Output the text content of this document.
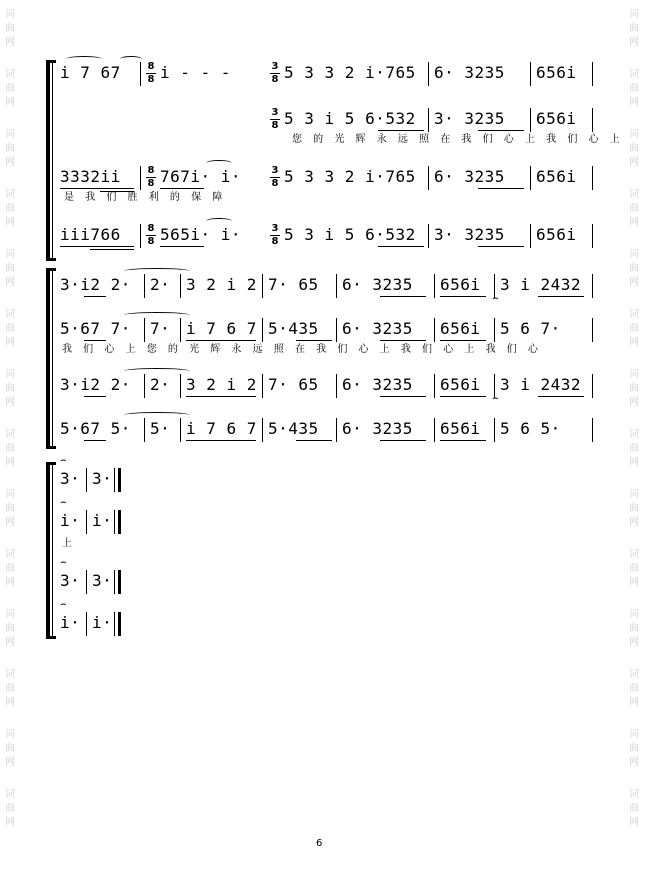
词
曲
网
词
曲
网
词
曲
网
词
曲
网
词
曲
网
词
曲
网
词
曲
网
词
曲
网
词
曲
网
词
曲
网
词
曲
网
词
曲
网
词
曲
网
词
曲
网
词
曲
网
词
曲
网
词
曲
网
词
曲
网
词
曲
网
词
曲
网
词
曲
网
词
曲
网
词
曲
网
词
曲
网
词
曲
网
词
曲
网
词
曲
网
词
曲
网
i 7 67	8
8 i - - -	3
8 5 3 3 2 i·765 6· 3235 656i
3
8 5 3 i 5 6·532 3· 3235 656i
您 的 光 辉 永 远 照 在 我 们 心 上 我 们 心 上
3332ii	8
8 767i· i·	3
8 5 3 3 2 i·765 6· 3235 656i
是 我 们 胜 利 的 保 障
iii766	8
8 565i· i·	3
8 5 3 i 5 6·532 3· 3235 656i
3·i2 2· 2· 3 2 i 2 7· 65 6· 3235 656i 3 i 2432
⌢
5·67 7· 7· i 7 6 7 5·435 6· 3235 656i 5 6 7·
我 们 心 上 您 的 光 辉 永 远 照 在 我 们 心 上 我 们 心 上 我 们 心
3·i2 2· 2· 3 2 i 2 7· 65 6· 3235 656i 3 i 2432
⌢
5·67 5· 5· i 7 6 7 5·435 6· 3235 656i 5 6 5·
3· 3·
⌢
i· i·
⌢
上
3· 3·
⌢
i· i·
⌢
6
